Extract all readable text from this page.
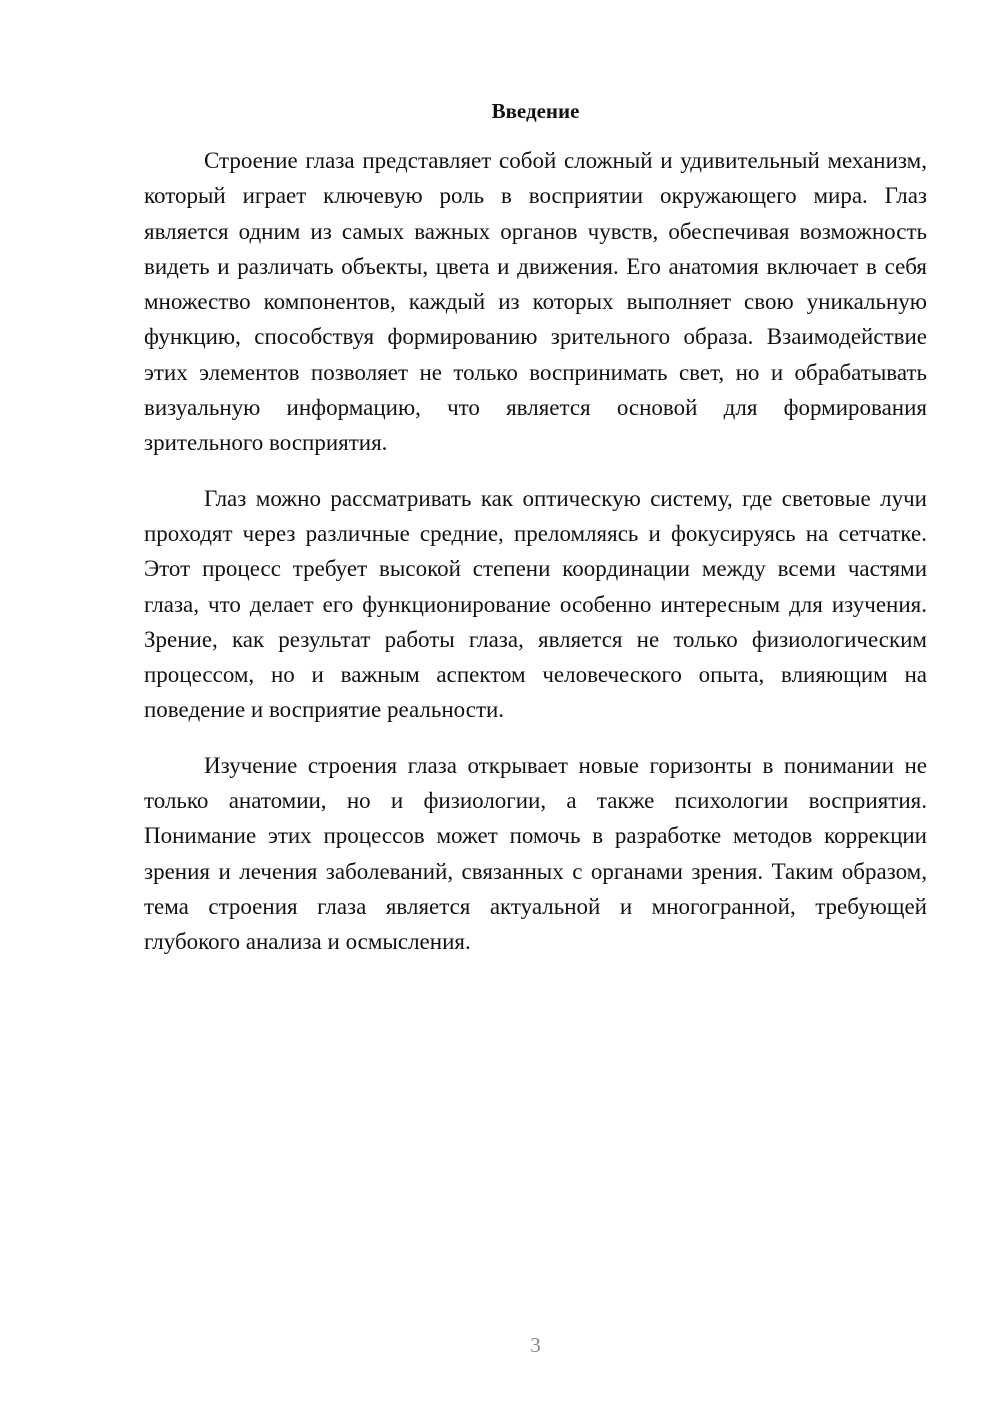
Введение

Строение глаза представляет собой сложный и удивительный механизм, который играет ключевую роль в восприятии окружающего мира. Глаз является одним из самых важных органов чувств, обеспечивая возможность видеть и различать объекты, цвета и движения. Его анатомия включает в себя множество компонентов, каждый из которых выполняет свою уникальную функцию, способствуя формированию зрительного образа. Взаимодействие этих элементов позволяет не только воспринимать свет, но и обрабатывать визуальную информацию, что является основой для формирования зрительного восприятия.

Глаз можно рассматривать как оптическую систему, где световые лучи проходят через различные средние, преломляясь и фокусируясь на сетчатке. Этот процесс требует высокой степени координации между всеми частями глаза, что делает его функционирование особенно интересным для изучения. Зрение, как результат работы глаза, является не только физиологическим процессом, но и важным аспектом человеческого опыта, влияющим на поведение и восприятие реальности.

Изучение строения глаза открывает новые горизонты в понимании не только анатомии, но и физиологии, а также психологии восприятия. Понимание этих процессов может помочь в разработке методов коррекции зрения и лечения заболеваний, связанных с органами зрения. Таким образом, тема строения глаза является актуальной и многогранной, требующей глубокого анализа и осмысления.

3
